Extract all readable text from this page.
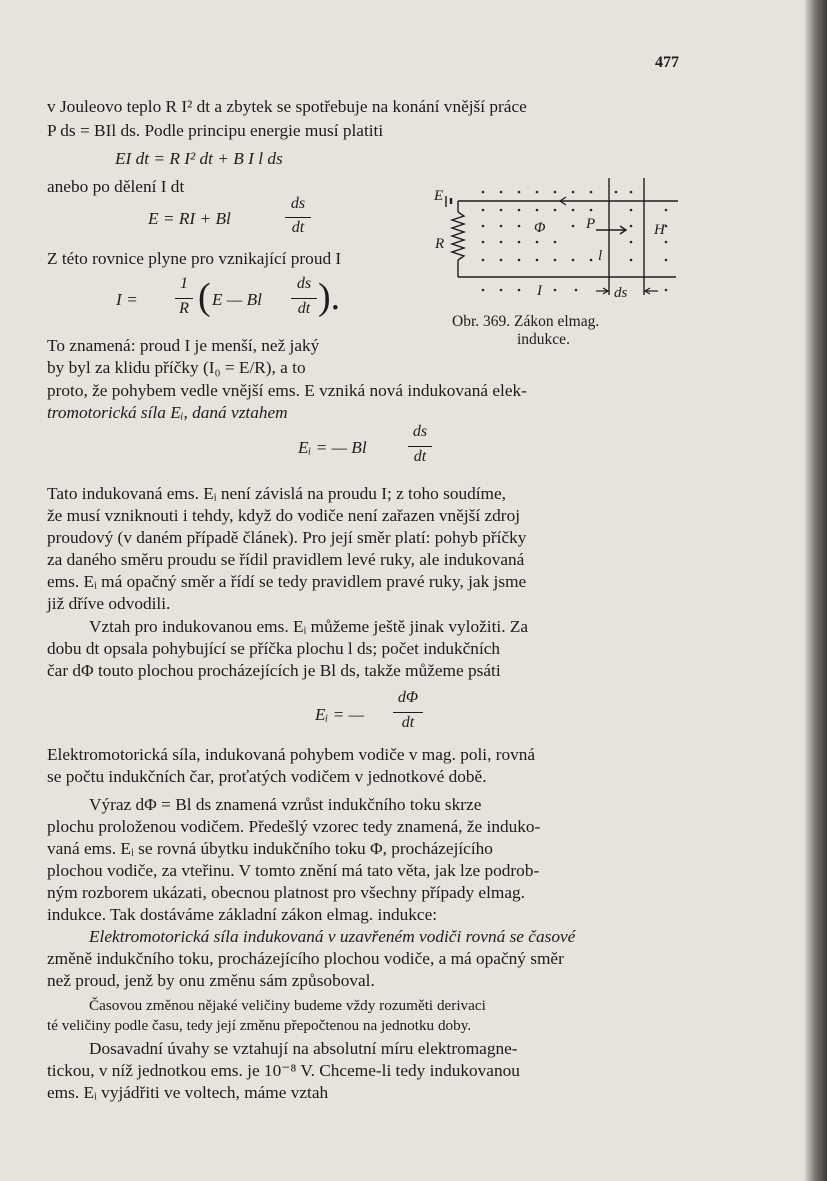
477
v Jouleovo teplo R I² dt a zbytek se spotřebuje na konání vnější práce
P ds = BIl ds. Podle principu energie musí platiti
EI dt = R I² dt + B I l ds
anebo po dělení I dt
E = RI + Bl
ds
dt
Z této rovnice plyne pro vznikající proud I
I =
1
R ( E — Bl
ds
dt ).
To znamená: proud I je menší, než jaký
by byl za klidu příčky (I₀ = E/R), a to
proto, že pohybem vedle vnější ems. E vzniká nová indukovaná elek-
tromotorická síla Eᵢ, daná vztahem
Eᵢ = — Bl
ds
dt
Tato indukovaná ems. Eᵢ není závislá na proudu I; z toho soudíme,
že musí vzniknouti i tehdy, když do vodiče není zařazen vnější zdroj
proudový (v daném případě článek). Pro její směr platí: pohyb příčky
za daného směru proudu se řídil pravidlem levé ruky, ale indukovaná
ems. Eᵢ má opačný směr a řídí se tedy pravidlem pravé ruky, jak jsme
již dříve odvodili.
Vztah pro indukovanou ems. Eᵢ můžeme ještě jinak vyložiti. Za
dobu dt opsala pohybující se příčka plochu l ds; počet indukčních
čar dΦ touto plochou procházejících je Bl ds, takže můžeme psáti
Eᵢ = —
dΦ
dt
Elektromotorická síla, indukovaná pohybem vodiče v mag. poli, rovná
se počtu indukčních čar, proťatých vodičem v jednotkové době.
Výraz dΦ = Bl ds znamená vzrůst indukčního toku skrze
plochu proloženou vodičem. Předešlý vzorec tedy znamená, že induko-
vaná ems. Eᵢ se rovná úbytku indukčního toku Φ, procházejícího
plochou vodiče, za vteřinu. V tomto znění má tato věta, jak lze podrob-
ným rozborem ukázati, obecnou platnost pro všechny případy elmag.
indukce. Tak dostáváme základní zákon elmag. indukce:
Elektromotorická síla indukovaná v uzavřeném vodiči rovná se časové
změně indukčního toku, procházejícího plochou vodiče, a má opačný směr
než proud, jenž by onu změnu sám způsoboval.
Časovou změnou nějaké veličiny budeme vždy rozuměti derivaci
té veličiny podle času, tedy její změnu přepočtenou na jednotku doby.
Dosavadní úvahy se vztahují na absolutní míru elektromagne-
tickou, v níž jednotkou ems. je 10⁻⁸ V. Chceme-li tedy indukovanou
ems. Eᵢ vyjádřiti ve voltech, máme vztah
E
R
Φ	P	H
l
I	ds
Obr. 369. Zákon elmag.
indukce.
